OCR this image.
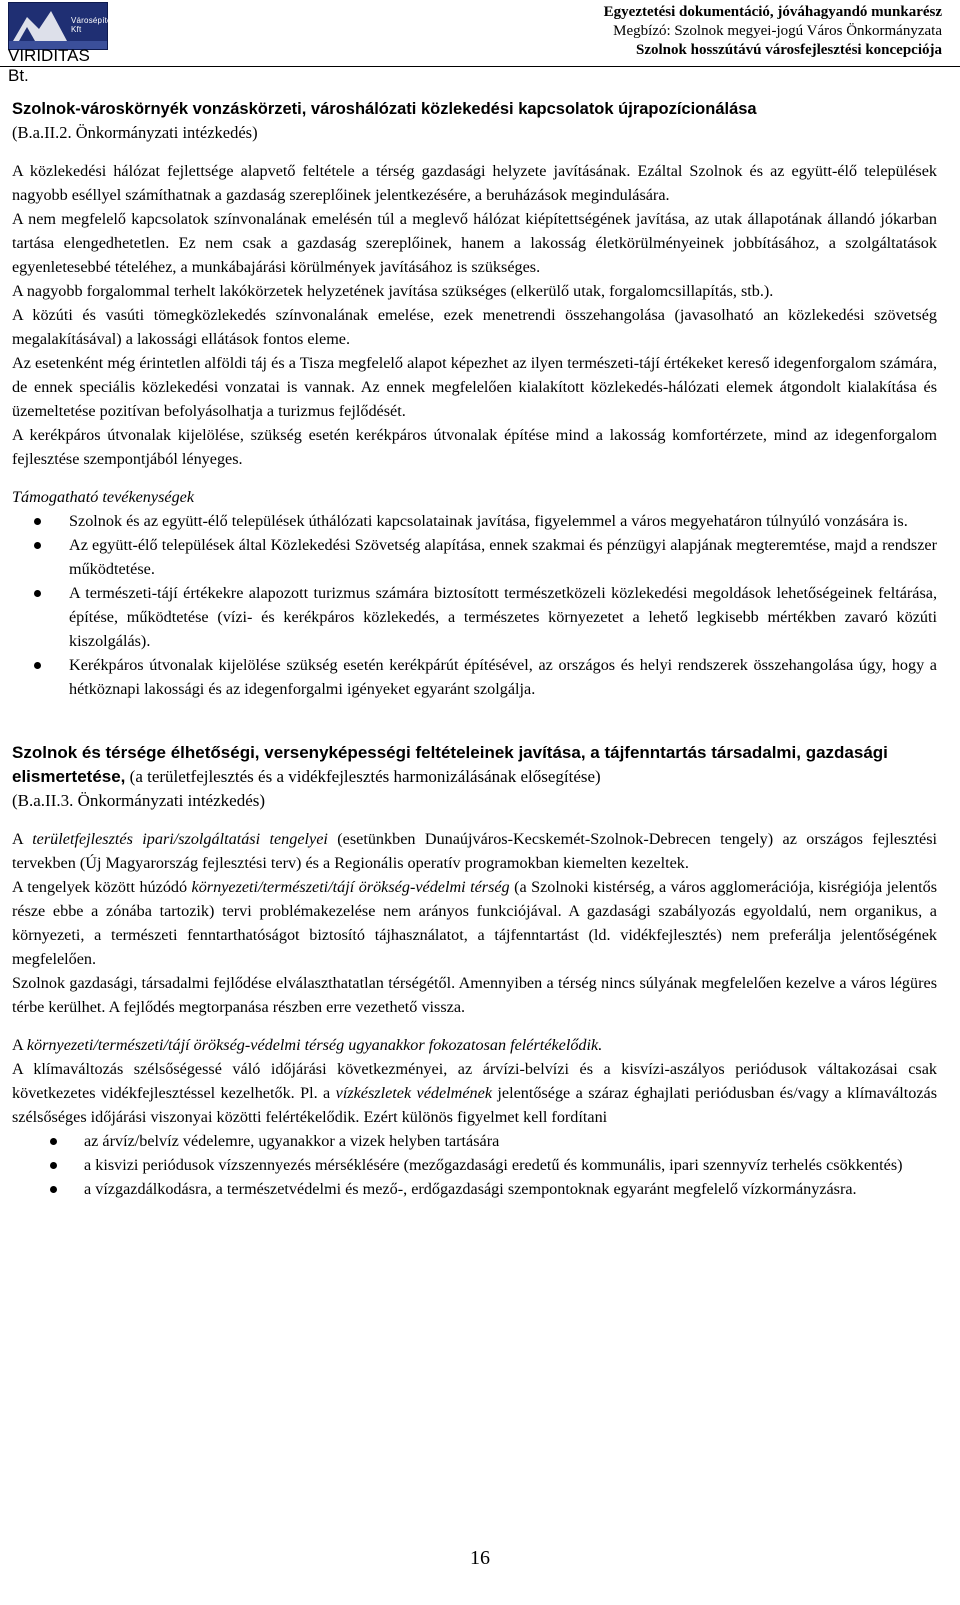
Városépítési
Kft
VIRIDITAS Bt.
Egyeztetési dokumentáció, jóváhagyandó munkarész
Megbízó: Szolnok megyei-jogú Város Önkormányzata
Szolnok hosszútávú városfejlesztési koncepciója
Szolnok-városkörnyék vonzáskörzeti, városhálózati közlekedési kapcsolatok újrapozícionálása
(B.a.II.2. Önkormányzati intézkedés)

A közlekedési hálózat fejlettsége alapvető feltétele a térség gazdasági helyzete javításának. Ezáltal Szolnok és az együtt-élő települések nagyobb eséllyel számíthatnak a gazdaság szereplőinek jelentkezésére, a beruházások megindulására.

A nem megfelelő kapcsolatok színvonalának emelésén túl a meglevő hálózat kiépítettségének javítása, az utak állapotának állandó jókarban tartása elengedhetetlen. Ez nem csak a gazdaság szereplőinek, hanem a lakosság életkörülményeinek jobbításához, a szolgáltatások egyenletesebbé tételéhez, a munkábajárási körülmények javításához is szükséges.

A nagyobb forgalommal terhelt lakókörzetek helyzetének javítása szükséges (elkerülő utak, forgalomcsillapítás, stb.).

A közúti és vasúti tömegközlekedés színvonalának emelése, ezek menetrendi összehangolása (javasolható an közlekedési szövetség megalakításával) a lakossági ellátások fontos eleme.

Az esetenként még érintetlen alföldi táj és a Tisza megfelelő alapot képezhet az ilyen természeti-tájí értékeket kereső idegenforgalom számára, de ennek speciális közlekedési vonzatai is vannak. Az ennek megfelelően kialakított közlekedés-hálózati elemek átgondolt kialakítása és üzemeltetése pozitívan befolyásolhatja a turizmus fejlődését.

A kerékpáros útvonalak kijelölése, szükség esetén kerékpáros útvonalak építése mind a lakosság komfortérzete, mind az idegenforgalom fejlesztése szempontjából lényeges.

Támogatható tevékenységek

Szolnok és az együtt-élő települések úthálózati kapcsolatainak javítása, figyelemmel a város megyehatáron túlnyúló vonzására is.
Az együtt-élő települések által Közlekedési Szövetség alapítása, ennek szakmai és pénzügyi alapjának megteremtése, majd a rendszer működtetése.
A természeti-tájí értékekre alapozott turizmus számára biztosított természetközeli közlekedési megoldások lehetőségeinek feltárása, építése, működtetése (vízi- és kerékpáros közlekedés, a természetes környezetet a lehető legkisebb mértékben zavaró közúti kiszolgálás).
Kerékpáros útvonalak kijelölése szükség esetén kerékpárút építésével, az országos és helyi rendszerek összehangolása úgy, hogy a hétköznapi lakossági és az idegenforgalmi igényeket egyaránt szolgálja.
Szolnok és térsége élhetőségi, versenyképességi feltételeinek javítása, a tájfenntartás társadalmi, gazdasági elismertetése, (a területfejlesztés és a vidékfejlesztés harmonizálásának elősegítése)
(B.a.II.3. Önkormányzati intézkedés)

A területfejlesztés ipari/szolgáltatási tengelyei (esetünkben Dunaújváros-Kecskemét-Szolnok-Debrecen tengely) az országos fejlesztési tervekben (Új Magyarország fejlesztési terv) és a Regionális operatív programokban kiemelten kezeltek.

A tengelyek között húzódó környezeti/természeti/tájí örökség-védelmi térség (a Szolnoki kistérség, a város agglomerációja, kisrégiója jelentős része ebbe a zónába tartozik) tervi problémakezelése nem arányos funkciójával. A gazdasági szabályozás egyoldalú, nem organikus, a környezeti, a természeti fenntarthatóságot biztosító tájhasználatot, a tájfenntartást (ld. vidékfejlesztés) nem preferálja jelentőségének megfelelően.

Szolnok gazdasági, társadalmi fejlődése elválaszthatatlan térségétől. Amennyiben a térség nincs súlyának megfelelően kezelve a város légüres térbe kerülhet. A fejlődés megtorpanása részben erre vezethető vissza.

A környezeti/természeti/tájí örökség-védelmi térség ugyanakkor fokozatosan felértékelődik.

A klímaváltozás szélsőségessé váló időjárási következményei, az árvízi-belvízi és a kisvízi-aszályos periódusok váltakozásai csak következetes vidékfejlesztéssel kezelhetők. Pl. a vízkészletek védelmének jelentősége a száraz éghajlati periódusban és/vagy a klímaváltozás szélsőséges időjárási viszonyai közötti felértékelődik. Ezért különös figyelmet kell fordítani

az árvíz/belvíz védelemre, ugyanakkor a vizek helyben tartására
a kisvizi periódusok vízszennyezés mérséklésére (mezőgazdasági eredetű és kommunális, ipari szennyvíz terhelés csökkentés)
a vízgazdálkodásra, a természetvédelmi és mező-, erdőgazdasági szempontoknak egyaránt megfelelő vízkormányzásra.
16
